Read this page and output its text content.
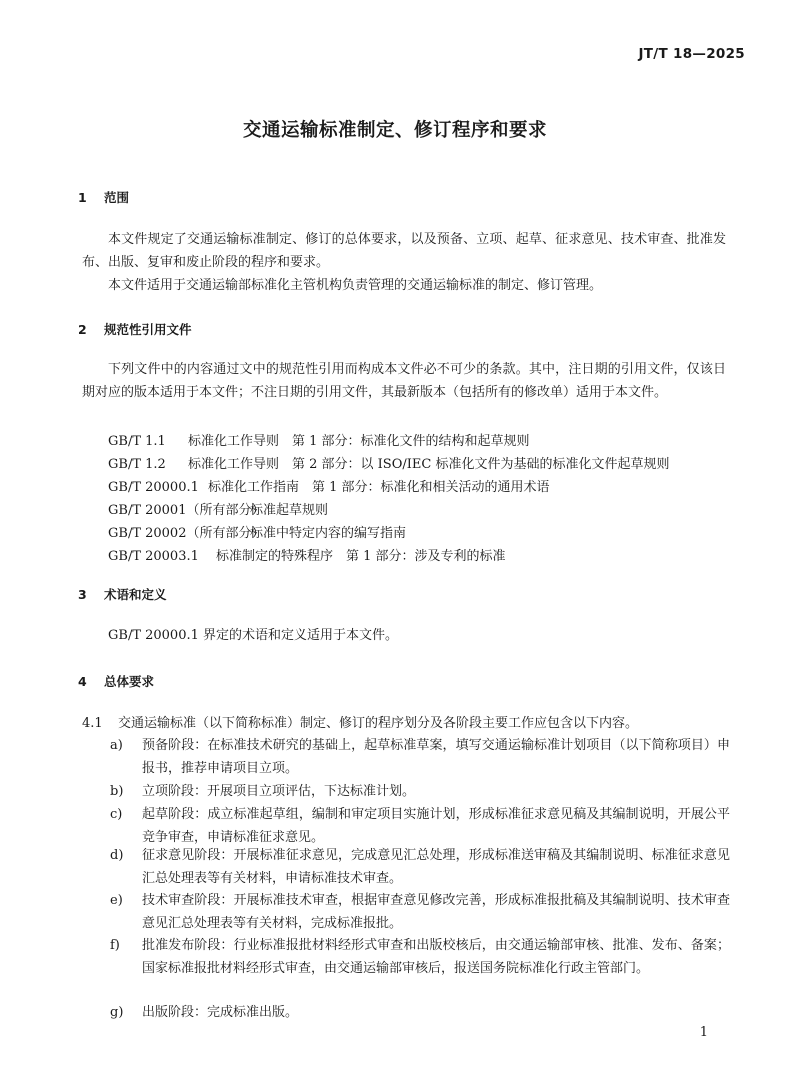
JT/T 18—2025
交通运输标准制定、修订程序和要求
1 范围
本文件规定了交通运输标准制定、修订的总体要求，以及预备、立项、起草、征求意见、技术审查、批准发布、出版、复审和废止阶段的程序和要求。
本文件适用于交通运输部标准化主管机构负责管理的交通运输标准的制定、修订管理。
2 规范性引用文件
下列文件中的内容通过文中的规范性引用而构成本文件必不可少的条款。其中，注日期的引用文件，仅该日期对应的版本适用于本文件；不注日期的引用文件，其最新版本（包括所有的修改单）适用于本文件。
GB/T 1.1 标准化工作导则　第 1 部分：标准化文件的结构和起草规则
GB/T 1.2 标准化工作导则　第 2 部分：以 ISO/IEC 标准化文件为基础的标准化文件起草规则
GB/T 20000.1 标准化工作指南　第 1 部分：标准化和相关活动的通用术语
GB/T 20001（所有部分）标准起草规则
GB/T 20002（所有部分）标准中特定内容的编写指南
GB/T 20003.1 标准制定的特殊程序　第 1 部分：涉及专利的标准
3 术语和定义
GB/T 20000.1 界定的术语和定义适用于本文件。
4 总体要求
4.1 交通运输标准（以下简称标准）制定、修订的程序划分及各阶段主要工作应包含以下内容。
a) 预备阶段：在标准技术研究的基础上，起草标准草案，填写交通运输标准计划项目（以下简称项目）申报书，推荐申请项目立项。
b) 立项阶段：开展项目立项评估，下达标准计划。
c) 起草阶段：成立标准起草组，编制和审定项目实施计划，形成标准征求意见稿及其编制说明，开展公平竞争审查，申请标准征求意见。
d) 征求意见阶段：开展标准征求意见，完成意见汇总处理，形成标准送审稿及其编制说明、标准征求意见汇总处理表等有关材料，申请标准技术审查。
e) 技术审查阶段：开展标准技术审查，根据审查意见修改完善，形成标准报批稿及其编制说明、技术审查意见汇总处理表等有关材料，完成标准报批。
f) 批准发布阶段：行业标准报批材料经形式审查和出版校核后，由交通运输部审核、批准、发布、备案；国家标准报批材料经形式审查，由交通运输部审核后，报送国务院标准化行政主管部门。
g) 出版阶段：完成标准出版。
1
